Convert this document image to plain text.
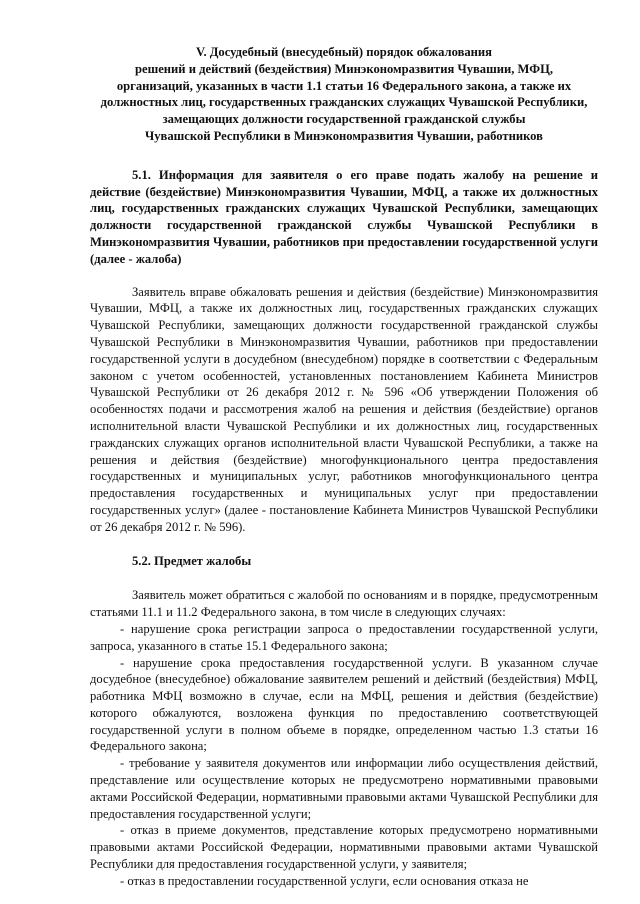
V. Досудебный (внесудебный) порядок обжалования
решений и действий (бездействия) Минэкономразвития Чувашии, МФЦ,
организаций, указанных в части 1.1 статьи 16 Федерального закона, а также их
должностных лиц, государственных гражданских служащих Чувашской Республики,
замещающих должности государственной гражданской службы
Чувашской Республики в Минэкономразвития Чувашии, работников

5.1. Информация для заявителя о его праве подать жалобу на решение и действие (бездействие) Минэкономразвития Чувашии, МФЦ, а также их должностных лиц, государственных гражданских служащих Чувашской Республики, замещающих должности государственной гражданской службы Чувашской Республики в Минэкономразвития Чувашии, работников при предоставлении государственной услуги (далее - жалоба)

Заявитель вправе обжаловать решения и действия (бездействие) Минэкономразвития Чувашии, МФЦ, а также их должностных лиц, государственных гражданских служащих Чувашской Республики, замещающих должности государственной гражданской службы Чувашской Республики в Минэкономразвития Чувашии, работников при предоставлении государственной услуги в досудебном (внесудебном) порядке в соответствии с Федеральным законом с учетом особенностей, установленных постановлением Кабинета Министров Чувашской Республики от 26 декабря 2012 г. № 596 «Об утверждении Положения об особенностях подачи и рассмотрения жалоб на решения и действия (бездействие) органов исполнительной власти Чувашской Республики и их должностных лиц, государственных гражданских служащих органов исполнительной власти Чувашской Республики, а также на решения и действия (бездействие) многофункционального центра предоставления государственных и муниципальных услуг, работников многофункционального центра предоставления государственных и муниципальных услуг при предоставлении государственных услуг» (далее - постановление Кабинета Министров Чувашской Республики от 26 декабря 2012 г. № 596).

5.2. Предмет жалобы

Заявитель может обратиться с жалобой по основаниям и в порядке, предусмотренным статьями 11.1 и 11.2 Федерального закона, в том числе в следующих случаях:

- нарушение срока регистрации запроса о предоставлении государственной услуги, запроса, указанного в статье 15.1 Федерального закона;

- нарушение срока предоставления государственной услуги. В указанном случае досудебное (внесудебное) обжалование заявителем решений и действий (бездействия) МФЦ, работника МФЦ возможно в случае, если на МФЦ, решения и действия (бездействие) которого обжалуются, возложена функция по предоставлению соответствующей государственной услуги в полном объеме в порядке, определенном частью 1.3 статьи 16 Федерального закона;

- требование у заявителя документов или информации либо осуществления действий, представление или осуществление которых не предусмотрено нормативными правовыми актами Российской Федерации, нормативными правовыми актами Чувашской Республики для предоставления государственной услуги;

- отказ в приеме документов, представление которых предусмотрено нормативными правовыми актами Российской Федерации, нормативными правовыми актами Чувашской Республики для предоставления государственной услуги, у заявителя;

- отказ в предоставлении государственной услуги, если основания отказа не
